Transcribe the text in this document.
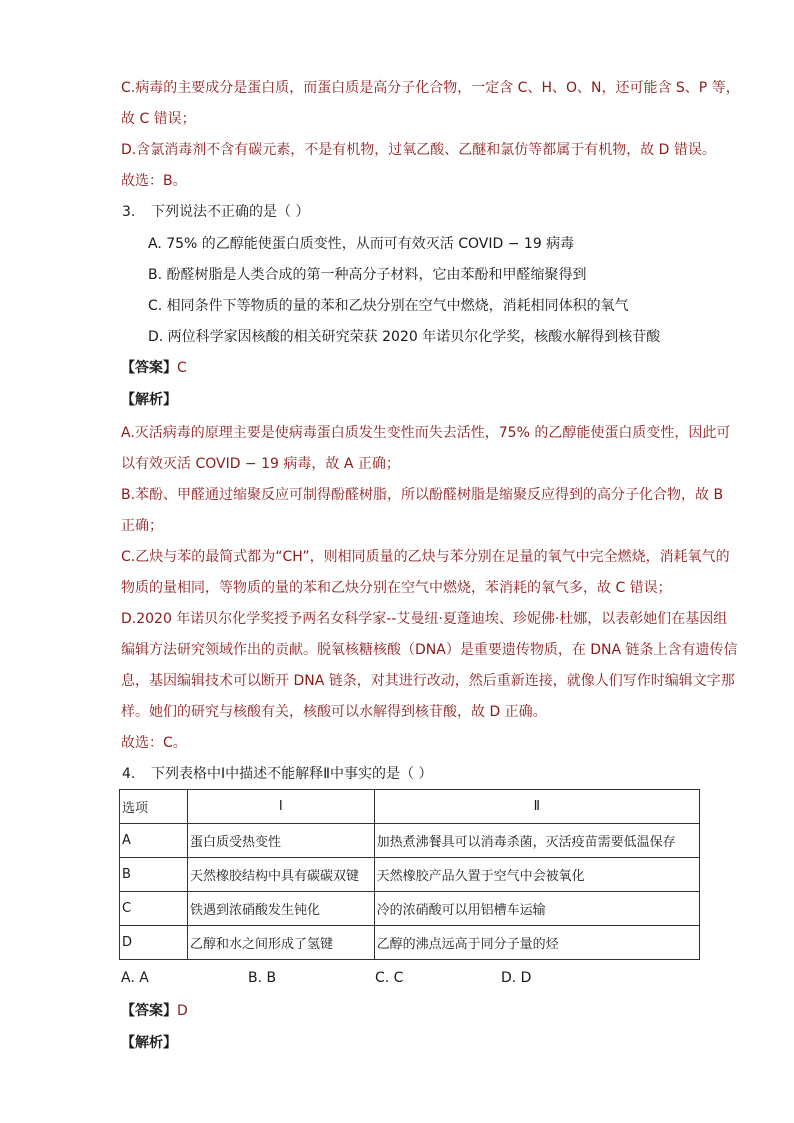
C.病毒的主要成分是蛋白质，而蛋白质是高分子化合物，一定含 C、H、O、N，还可能含 S、P 等，
故 C 错误；
D.含氯消毒剂不含有碳元素，不是有机物，过氧乙酸、乙醚和氯仿等都属于有机物，故 D 错误。
故选：B。
3. 下列说法不正确的是（ ）
A. 75% 的乙醇能使蛋白质变性，从而可有效灭活 COVID − 19 病毒
B. 酚醛树脂是人类合成的第一种高分子材料，它由苯酚和甲醛缩聚得到
C. 相同条件下等物质的量的苯和乙炔分别在空气中燃烧，消耗相同体积的氧气
D. 两位科学家因核酸的相关研究荣获 2020 年诺贝尔化学奖，核酸水解得到核苷酸
【答案】C
【解析】
A.灭活病毒的原理主要是使病毒蛋白质发生变性而失去活性，75% 的乙醇能使蛋白质变性，因此可
以有效灭活 COVID − 19 病毒，故 A 正确；
B.苯酚、甲醛通过缩聚反应可制得酚醛树脂，所以酚醛树脂是缩聚反应得到的高分子化合物，故 B
正确；
C.乙炔与苯的最简式都为“CH”，则相同质量的乙炔与苯分别在足量的氧气中完全燃烧，消耗氧气的
物质的量相同，等物质的量的苯和乙炔分别在空气中燃烧，苯消耗的氧气多，故 C 错误；
D.2020 年诺贝尔化学奖授予两名女科学家--艾曼纽·夏蓬迪埃、珍妮佛·杜娜，以表彰她们在基因组
编辑方法研究领域作出的贡献。脱氧核糖核酸（DNA）是重要遗传物质，在 DNA 链条上含有遗传信
息，基因编辑技术可以断开 DNA 链条，对其进行改动，然后重新连接，就像人们写作时编辑文字那
样。她们的研究与核酸有关，核酸可以水解得到核苷酸，故 D 正确。
故选：C。
4. 下列表格中Ⅰ中描述不能解释Ⅱ中事实的是（ ）
选项	Ⅰ	Ⅱ
A	蛋白质受热变性	加热煮沸餐具可以消毒杀菌，灭活疫苗需要低温保存
B	天然橡胶结构中具有碳碳双键	天然橡胶产品久置于空气中会被氧化
C	铁遇到浓硝酸发生钝化	冷的浓硝酸可以用铝槽车运输
D	乙醇和水之间形成了氢键	乙醇的沸点远高于同分子量的烃
A. A	B. B	C. C	D. D
【答案】D
【解析】
